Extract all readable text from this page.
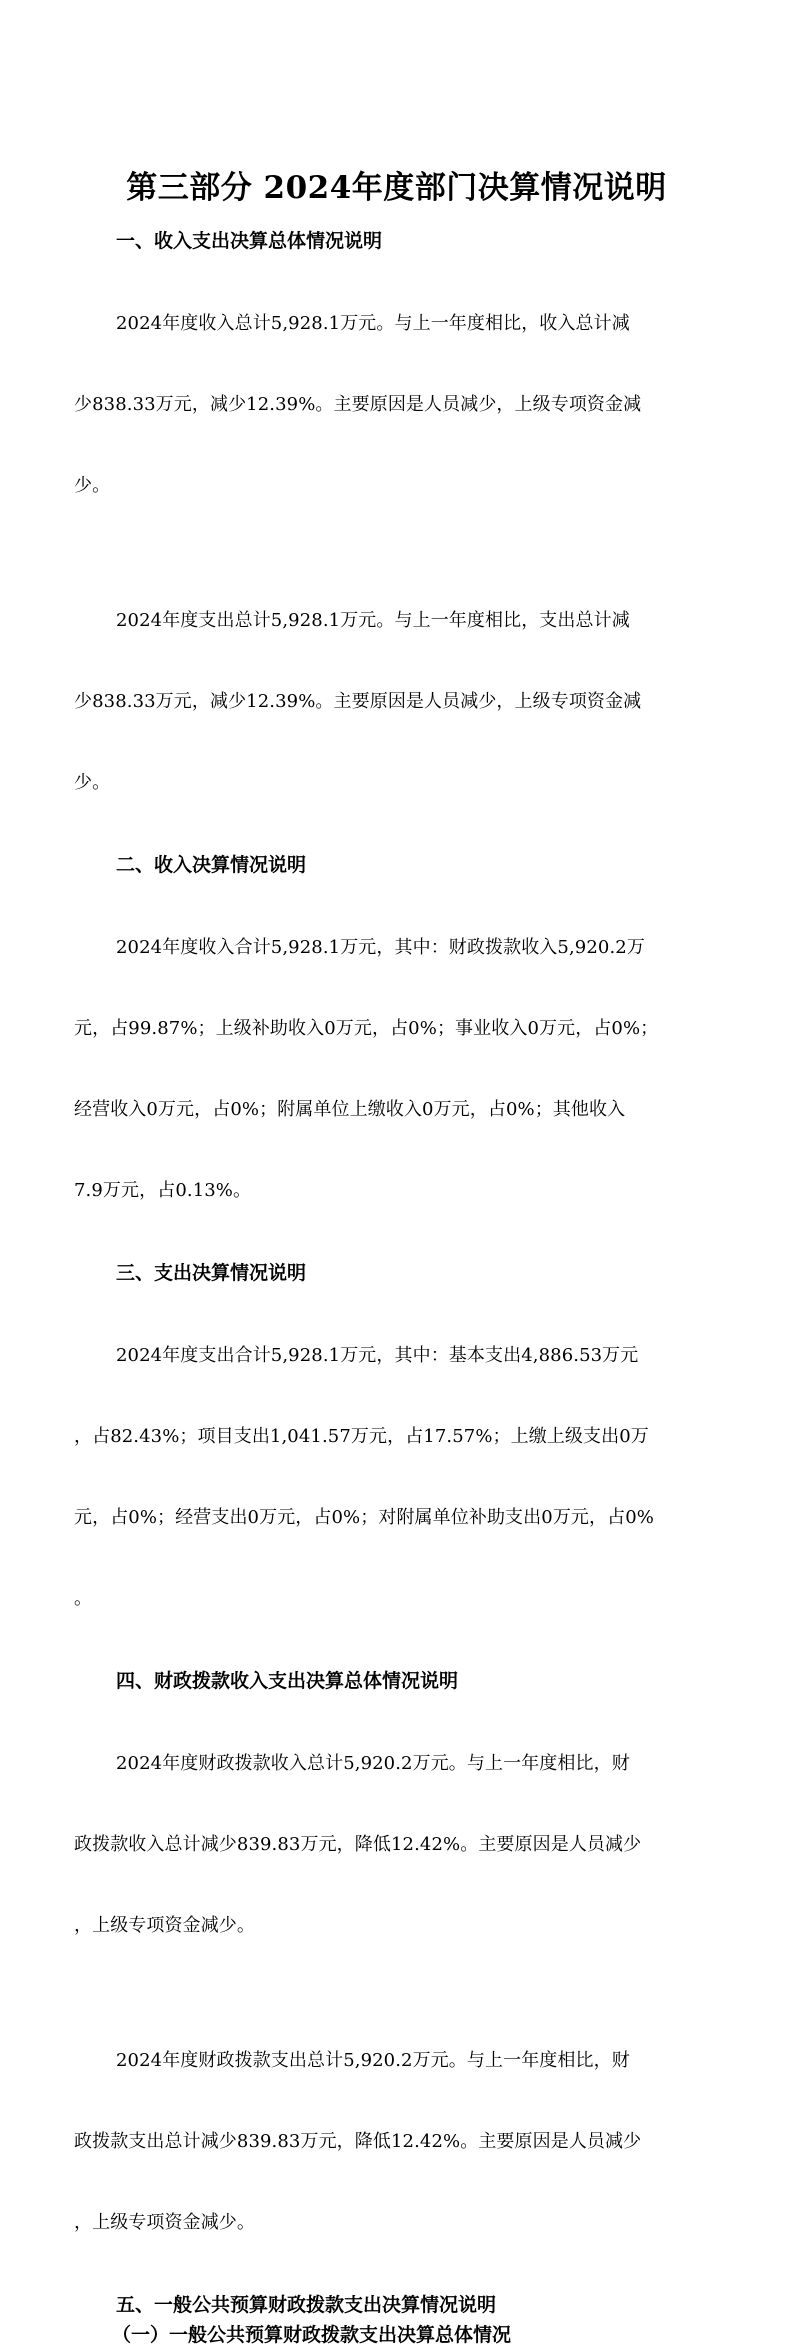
第三部分 2024年度部门决算情况说明
一、收入支出决算总体情况说明

2024年度收入总计5,928.1万元。与上一年度相比，收入总计减

少838.33万元，减少12.39%。主要原因是人员减少，上级专项资金减

少。

2024年度支出总计5,928.1万元。与上一年度相比，支出总计减

少838.33万元，减少12.39%。主要原因是人员减少，上级专项资金减

少。

二、收入决算情况说明

2024年度收入合计5,928.1万元，其中：财政拨款收入5,920.2万

元，占99.87%；上级补助收入0万元，占0%；事业收入0万元，占0%；

经营收入0万元，占0%；附属单位上缴收入0万元，占0%；其他收入

7.9万元，占0.13%。

三、支出决算情况说明

2024年度支出合计5,928.1万元，其中：基本支出4,886.53万元

，占82.43%；项目支出1,041.57万元，占17.57%；上缴上级支出0万

元，占0%；经营支出0万元，占0%；对附属单位补助支出0万元，占0%

。

四、财政拨款收入支出决算总体情况说明

2024年度财政拨款收入总计5,920.2万元。与上一年度相比，财

政拨款收入总计减少839.83万元，降低12.42%。主要原因是人员减少

，上级专项资金减少。

2024年度财政拨款支出总计5,920.2万元。与上一年度相比，财

政拨款支出总计减少839.83万元，降低12.42%。主要原因是人员减少

，上级专项资金减少。

五、一般公共预算财政拨款支出决算情况说明
（一）一般公共预算财政拨款支出决算总体情况
